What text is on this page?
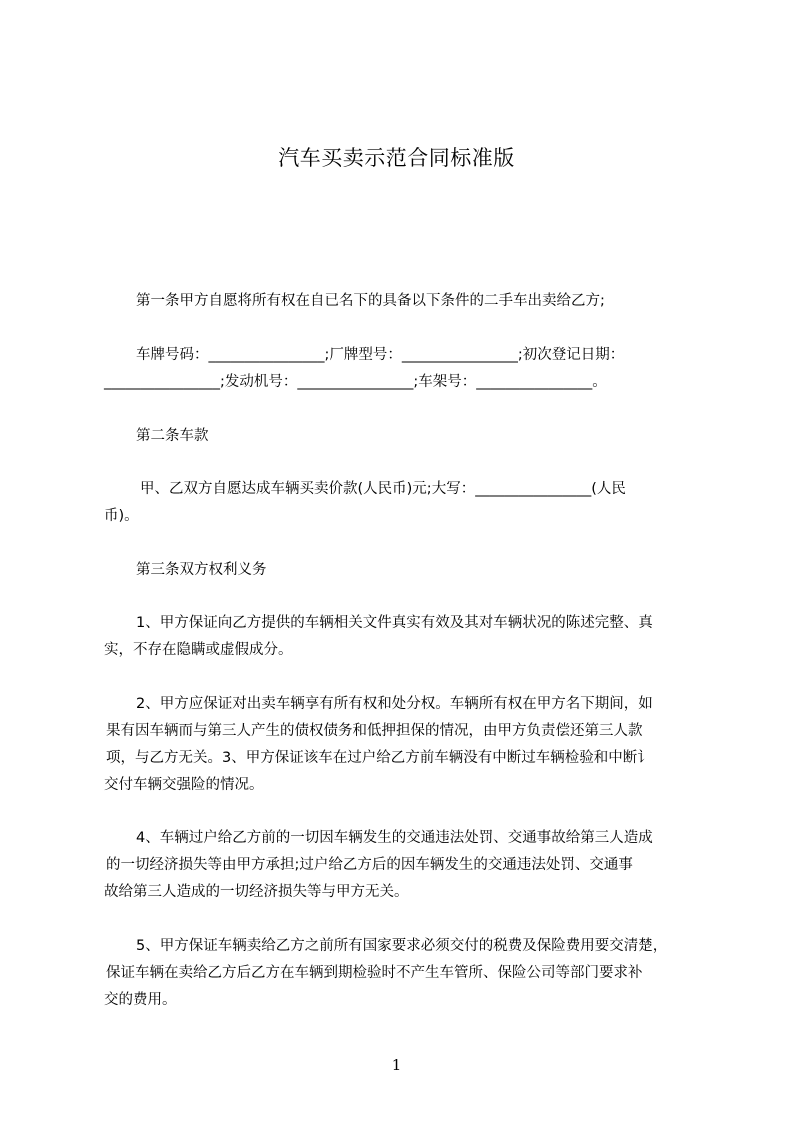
汽车买卖示范合同标准版
第一条甲方自愿将所有权在自已名下的具备以下条件的二手车出卖给乙方;
车牌号码：________________;厂牌型号：________________;初次登记日期：
________________;发动机号：________________;车架号：________________。
第二条车款
甲、乙双方自愿达成车辆买卖价款(人民币)元;大写：________________(人民
币)。
第三条双方权利义务
1、甲方保证向乙方提供的车辆相关文件真实有效及其对车辆状况的陈述完整、真
实，不存在隐瞒或虚假成分。
2、甲方应保证对出卖车辆享有所有权和处分权。车辆所有权在甲方名下期间，如
果有因车辆而与第三人产生的债权债务和低押担保的情况，由甲方负责偿还第三人款
项，与乙方无关。3、甲方保证该车在过户给乙方前车辆没有中断过车辆检验和中断讠
交付车辆交强险的情况。
4、车辆过户给乙方前的一切因车辆发生的交通违法处罚、交通事故给第三人造成
的一切经济损失等由甲方承担;过户给乙方后的因车辆发生的交通违法处罚、交通事
故给第三人造成的一切经济损失等与甲方无关。
5、甲方保证车辆卖给乙方之前所有国家要求必须交付的税费及保险费用要交清楚，
保证车辆在卖给乙方后乙方在车辆到期检验时不产生车管所、保险公司等部门要求补
交的费用。
1
